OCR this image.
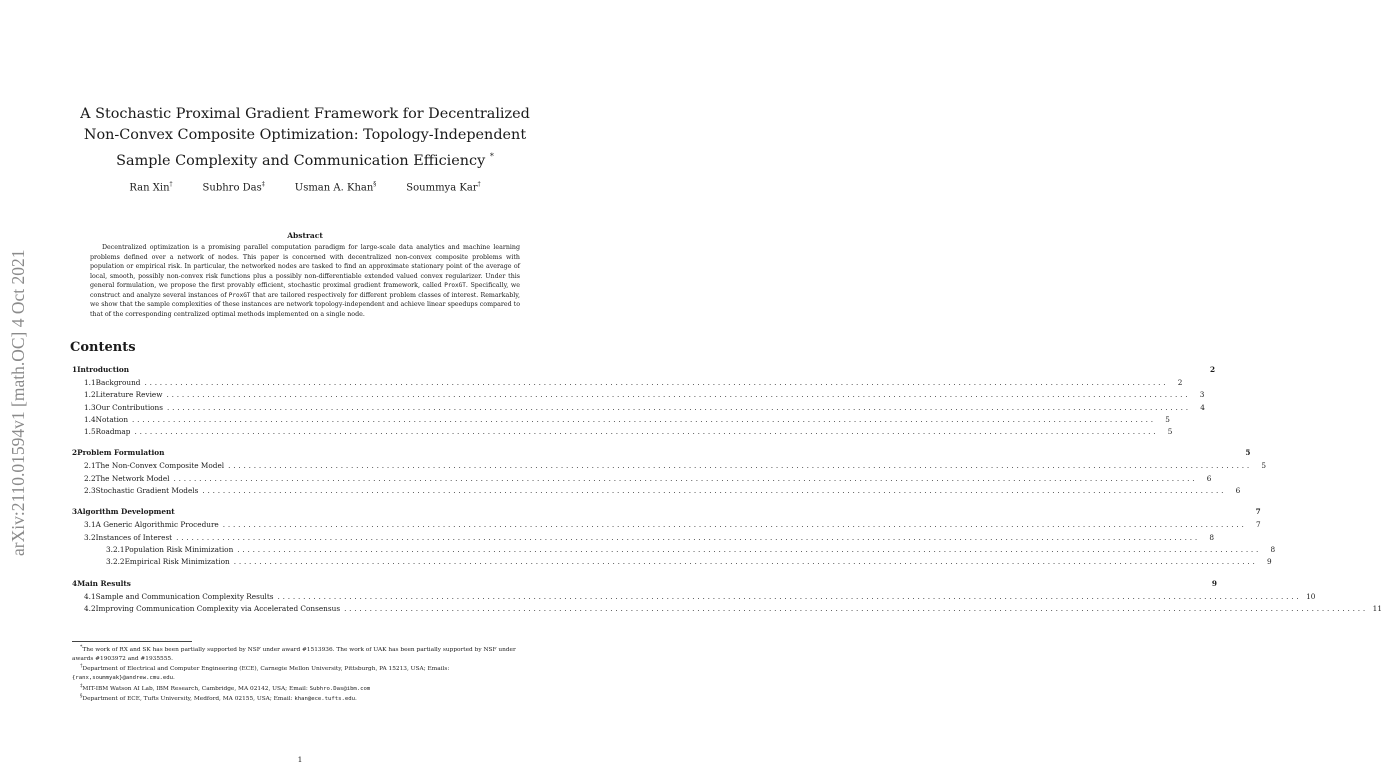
arXiv:2110.01594v1 [math.OC] 4 Oct 2021
A Stochastic Proximal Gradient Framework for Decentralized
Non-Convex Composite Optimization: Topology-Independent
Sample Complexity and Communication Efficiency *
Ran Xin†	Subhro Das‡	Usman A. Khan§	Soummya Kar†
Abstract
Decentralized optimization is a promising parallel computation paradigm for large-scale data analytics and machine learning problems defined over a network of nodes. This paper is concerned with decentralized non-convex composite problems with population or empirical risk. In particular, the networked nodes are tasked to find an approximate stationary point of the average of local, smooth, possibly non-convex risk functions plus a possibly non-differentiable extended valued convex regularizer. Under this general formulation, we propose the first provably efficient, stochastic proximal gradient framework, called ProxGT. Specifically, we construct and analyze several instances of ProxGT that are tailored respectively for different problem classes of interest. Remarkably, we show that the sample complexities of these instances are network topology-independent and achieve linear speedups compared to that of the corresponding centralized optimal methods implemented on a single node.
Contents
1 Introduction	2
1.1 Background ........................................................................................................................................................................................................	2
1.2 Literature Review ........................................................................................................................................................................................................	3
1.3 Our Contributions ........................................................................................................................................................................................................	4
1.4 Notation ........................................................................................................................................................................................................	5
1.5 Roadmap ........................................................................................................................................................................................................	5
2 Problem Formulation	5
2.1 The Non-Convex Composite Model ........................................................................................................................................................................................................	5
2.2 The Network Model ........................................................................................................................................................................................................	6
2.3 Stochastic Gradient Models ........................................................................................................................................................................................................	6
3 Algorithm Development	7
3.1 A Generic Algorithmic Procedure ........................................................................................................................................................................................................	7
3.2 Instances of Interest ........................................................................................................................................................................................................	8
3.2.1 Population Risk Minimization ........................................................................................................................................................................................................	8
3.2.2 Empirical Risk Minimization ........................................................................................................................................................................................................	9
4 Main Results	9
4.1 Sample and Communication Complexity Results ........................................................................................................................................................................................................ 10
4.2 Improving Communication Complexity via Accelerated Consensus ........................................................................................................................................................................................................ 11

*The work of RX and SK has been partially supported by NSF under award #1513936. The work of UAK has been partially supported by NSF under awards #1903972 and #1935555.

†Department of Electrical and Computer Engineering (ECE), Carnegie Mellon University, Pittsburgh, PA 15213, USA; Emails: {ranx,soummyak}@andrew.cmu.edu.

‡MIT-IBM Watson AI Lab, IBM Research, Cambridge, MA 02142, USA; Email: Subhro.Das@ibm.com

§Department of ECE, Tufts University, Medford, MA 02155, USA; Email: khan@ece.tufts.edu.

1
